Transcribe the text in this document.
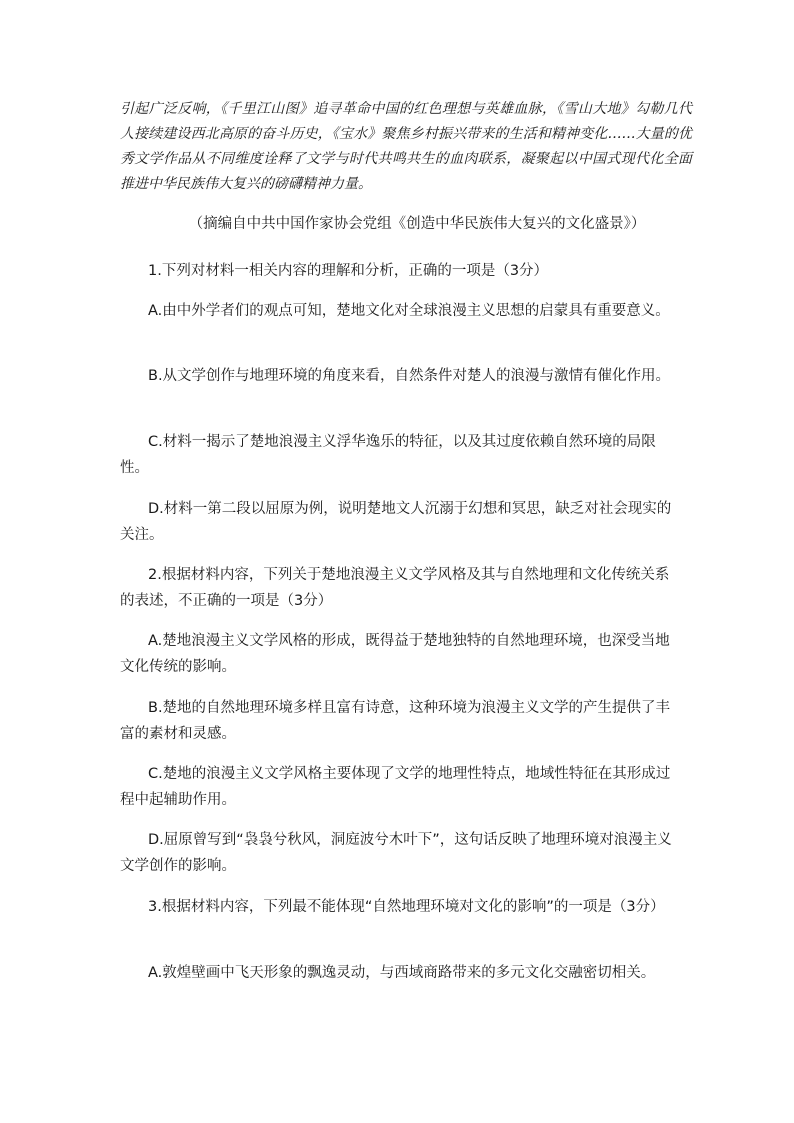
引起广泛反响，《千里江山图》追寻革命中国的红色理想与英雄血脉，《雪山大地》勾勒几代人接续建设西北高原的奋斗历史，《宝水》聚焦乡村振兴带来的生活和精神变化……大量的优秀文学作品从不同维度诠释了文学与时代共鸣共生的血肉联系，凝聚起以中国式现代化全面推进中华民族伟大复兴的磅礴精神力量。
（摘编自中共中国作家协会党组《创造中华民族伟大复兴的文化盛景》）

1.下列对材料一相关内容的理解和分析，正确的一项是（3分）

A.由中外学者们的观点可知，楚地文化对全球浪漫主义思想的启蒙具有重要意义。

B.从文学创作与地理环境的角度来看，自然条件对楚人的浪漫与激情有催化作用。

C.材料一揭示了楚地浪漫主义浮华逸乐的特征，以及其过度依赖自然环境的局限性。

D.材料一第二段以屈原为例，说明楚地文人沉溺于幻想和冥思，缺乏对社会现实的关注。

2.根据材料内容，下列关于楚地浪漫主义文学风格及其与自然地理和文化传统关系的表述，不正确的一项是（3分）

A.楚地浪漫主义文学风格的形成，既得益于楚地独特的自然地理环境，也深受当地文化传统的影响。

B.楚地的自然地理环境多样且富有诗意，这种环境为浪漫主义文学的产生提供了丰富的素材和灵感。

C.楚地的浪漫主义文学风格主要体现了文学的地理性特点，地域性特征在其形成过程中起辅助作用。

D.屈原曾写到“袅袅兮秋风，洞庭波兮木叶下”，这句话反映了地理环境对浪漫主义文学创作的影响。

3.根据材料内容，下列最不能体现“自然地理环境对文化的影响”的一项是（3分）

A.敦煌壁画中飞天形象的飘逸灵动，与西域商路带来的多元文化交融密切相关。
